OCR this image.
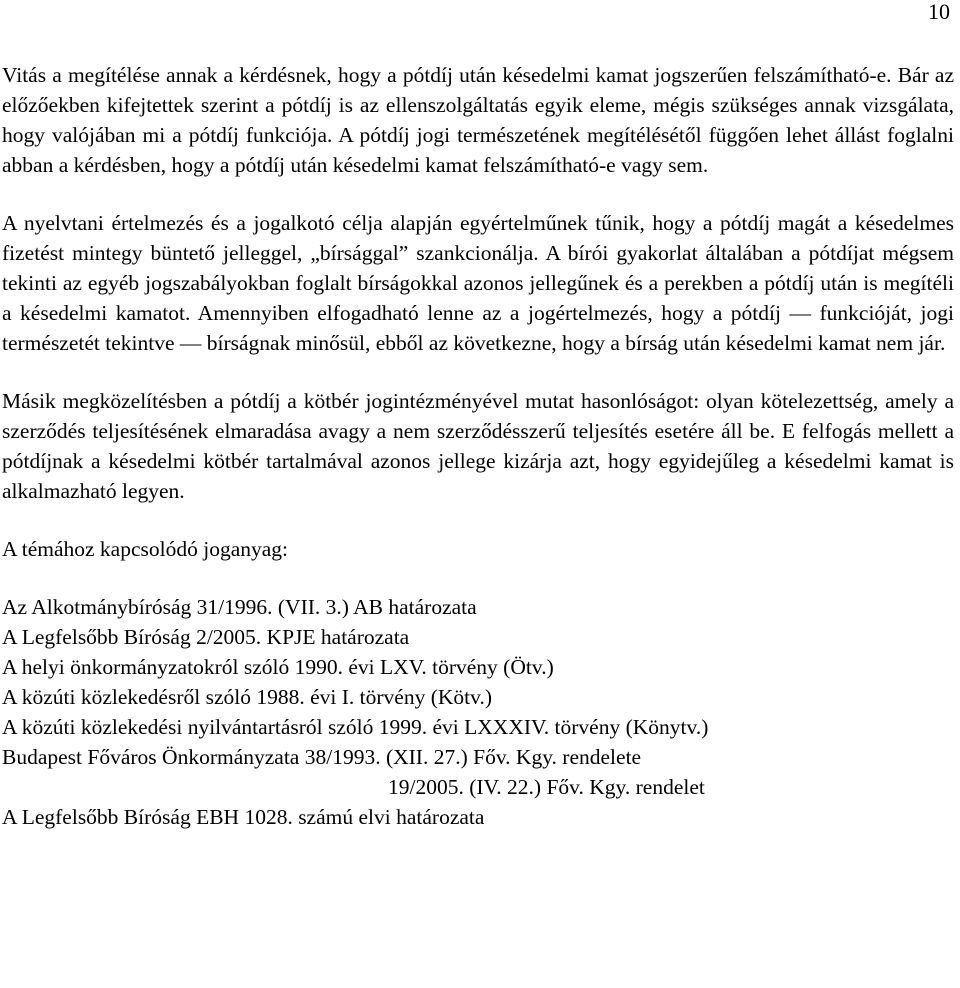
10

Vitás a megítélése annak a kérdésnek, hogy a pótdíj után késedelmi kamat jogszerűen felszámítható-e. Bár az előzőekben kifejtettek szerint a pótdíj is az ellenszolgáltatás egyik eleme, mégis szükséges annak vizsgálata, hogy valójában mi a pótdíj funkciója. A pótdíj jogi természetének megítélésétől függően lehet állást foglalni abban a kérdésben, hogy a pótdíj után késedelmi kamat felszámítható-e vagy sem.

A nyelvtani értelmezés és a jogalkotó célja alapján egyértelműnek tűnik, hogy a pótdíj magát a késedelmes fizetést mintegy büntető jelleggel, „bírsággal” szankcionálja. A bírói gyakorlat általában a pótdíjat mégsem tekinti az egyéb jogszabályokban foglalt bírságokkal azonos jellegűnek és a perekben a pótdíj után is megítéli a késedelmi kamatot. Amennyiben elfogadható lenne az a jogértelmezés, hogy a pótdíj — funkcióját, jogi természetét tekintve — bírságnak minősül, ebből az következne, hogy a bírság után késedelmi kamat nem jár.

Másik megközelítésben a pótdíj a kötbér jogintézményével mutat hasonlóságot: olyan kötelezettség, amely a szerződés teljesítésének elmaradása avagy a nem szerződésszerű teljesítés esetére áll be. E felfogás mellett a pótdíjnak a késedelmi kötbér tartalmával azonos jellege kizárja azt, hogy egyidejűleg a késedelmi kamat is alkalmazható legyen.

A témához kapcsolódó joganyag:

Az Alkotmánybíróság 31/1996. (VII. 3.) AB határozata
A Legfelsőbb Bíróság 2/2005. KPJE határozata
A helyi önkormányzatokról szóló 1990. évi LXV. törvény (Ötv.)
A közúti közlekedésről szóló 1988. évi I. törvény (Kötv.)
A közúti közlekedési nyilvántartásról szóló 1999. évi LXXXIV. törvény (Könytv.)
Budapest Főváros Önkormányzata 38/1993. (XII. 27.) Főv. Kgy. rendelete
19/2005. (IV. 22.) Főv. Kgy. rendelet
A Legfelsőbb Bíróság EBH 1028. számú elvi határozata
